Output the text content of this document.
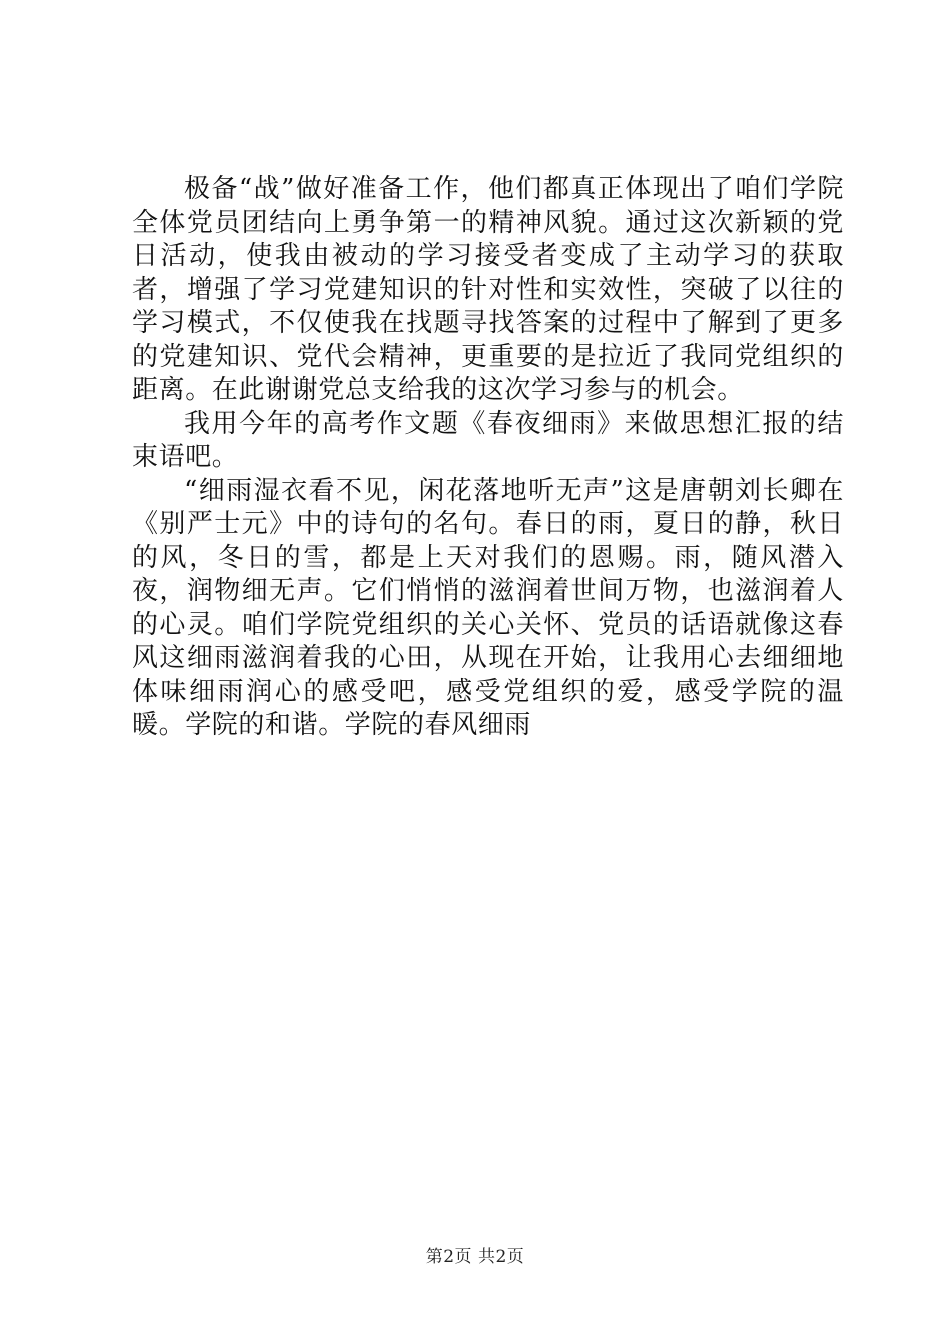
极备“战”做好准备工作，他们都真正体现出了咱们学院全体党员团结向上勇争第一的精神风貌。通过这次新颖的党日活动，使我由被动的学习接受者变成了主动学习的获取者，增强了学习党建知识的针对性和实效性，突破了以往的学习模式，不仅使我在找题寻找答案的过程中了解到了更多的党建知识、党代会精神，更重要的是拉近了我同党组织的距离。在此谢谢党总支给我的这次学习参与的机会。

我用今年的高考作文题《春夜细雨》来做思想汇报的结束语吧。

“细雨湿衣看不见，闲花落地听无声”这是唐朝刘长卿在《别严士元》中的诗句的名句。春日的雨，夏日的静，秋日的风，冬日的雪，都是上天对我们的恩赐。雨，随风潜入夜，润物细无声。它们悄悄的滋润着世间万物，也滋润着人的心灵。咱们学院党组织的关心关怀、党员的话语就像这春风这细雨滋润着我的心田，从现在开始，让我用心去细细地体味细雨润心的感受吧，感受党组织的爱，感受学院的温暖。学院的和谐。学院的春风细雨

第2页 共2页
